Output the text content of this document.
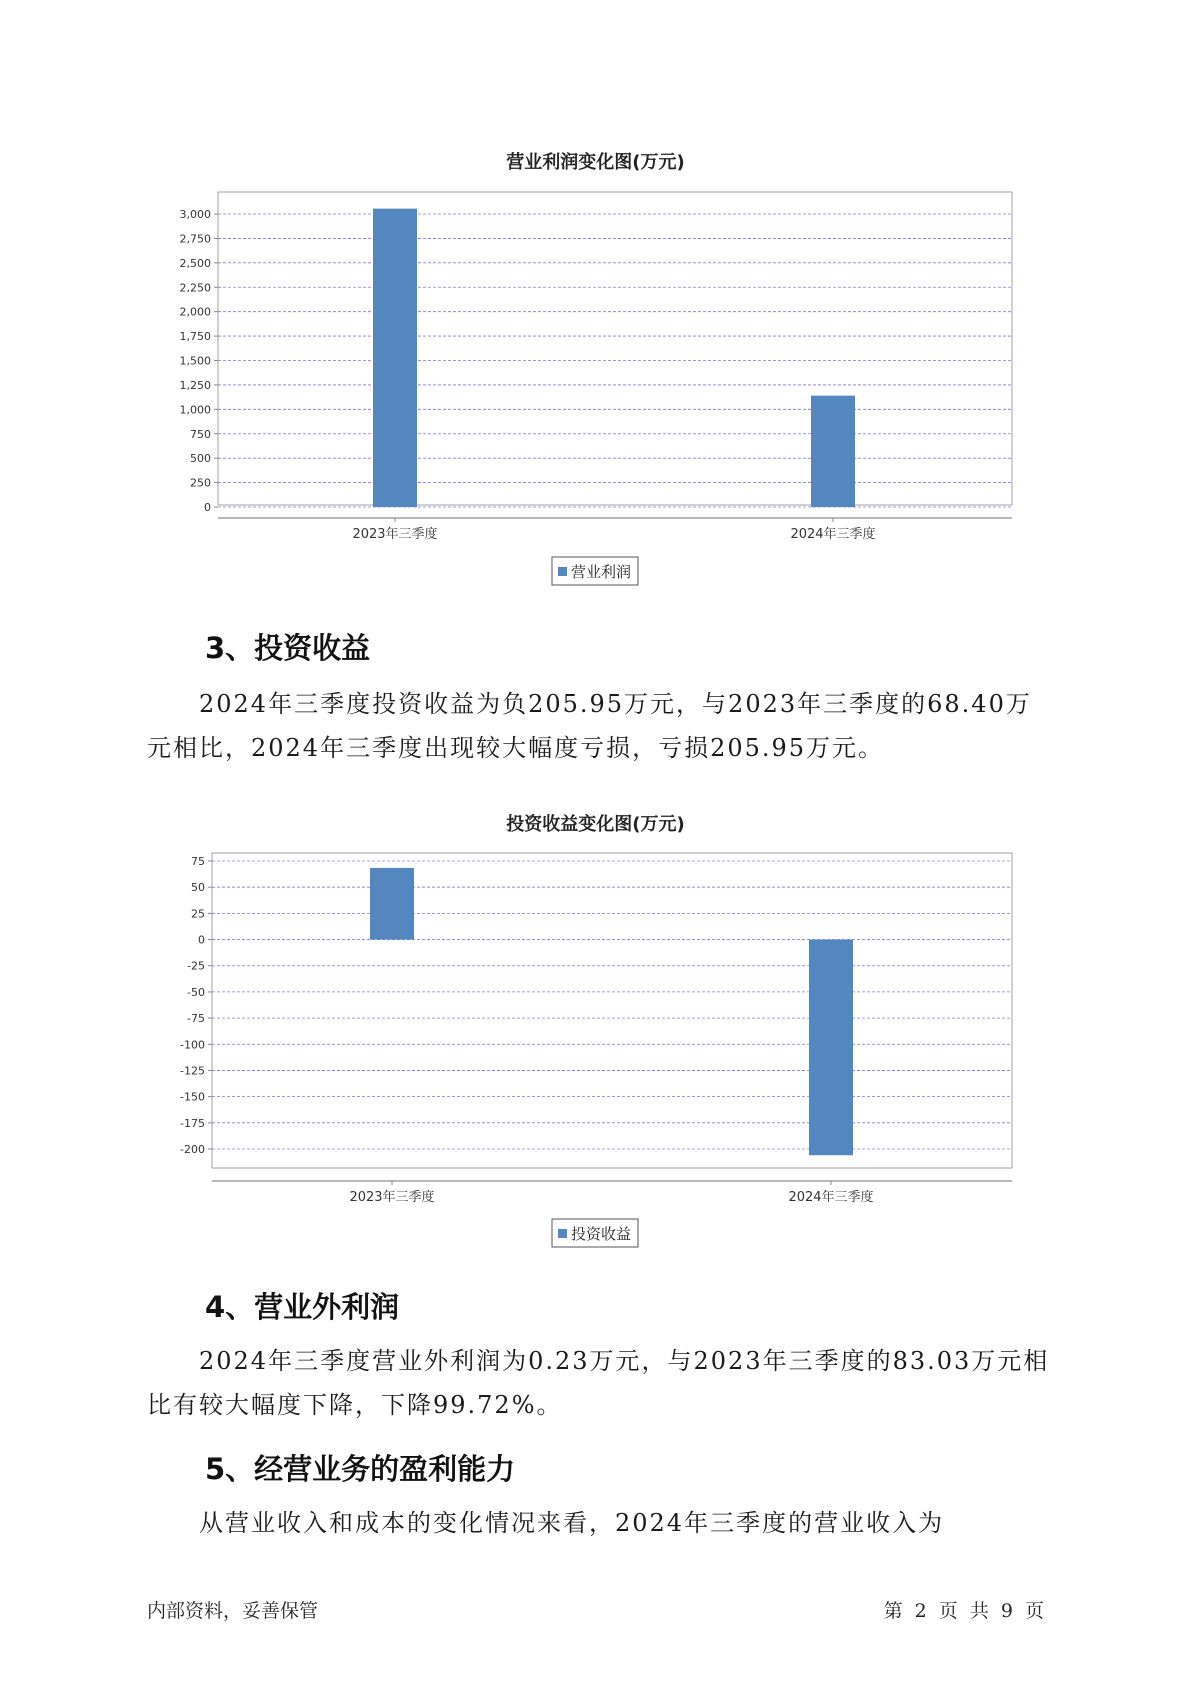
营业利润变化图(万元)
0
250
500
750
1,000
1,250
1,500
1,750
2,000
2,250
2,500
2,750
3,000
2023年三季度	2024年三季度
营业利润
3、投资收益

2024年三季度投资收益为负205.95万元，与2023年三季度的68.40万元相比，2024年三季度出现较大幅度亏损，亏损205.95万元。

投资收益变化图(万元)
75
50
25
0
-25
-50
-75
-100
-125
-150
-175
-200
2023年三季度	2024年三季度
投资收益
4、营业外利润

2024年三季度营业外利润为0.23万元，与2023年三季度的83.03万元相比有较大幅度下降，下降99.72%。

5、经营业务的盈利能力

从营业收入和成本的变化情况来看，2024年三季度的营业收入为

内部资料，妥善保管	第 2 页 共 9 页
